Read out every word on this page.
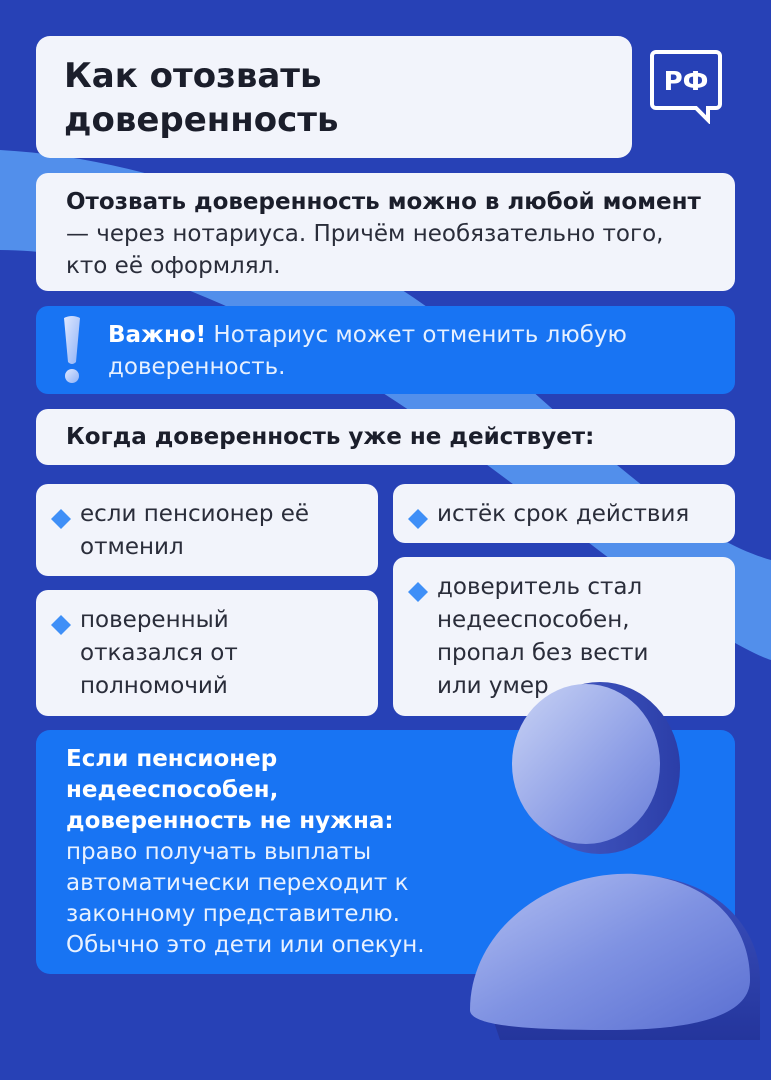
Как отозвать доверенность
РФ
Отозвать доверенность можно в любой момент — через нотариуса. Причём необязательно того, кто её оформлял.
Важно! Нотариус может отменить любую доверенность.
Когда доверенность уже не действует:
если пенсионер её отменил
поверенный отказался от полномочий
истёк срок действия
доверитель стал недееспособен, пропал без вести или умер
Если пенсионер недееспособен, доверенность не нужна:
право получать выплаты автоматически переходит к законному представителю. Обычно это дети или опекун.
